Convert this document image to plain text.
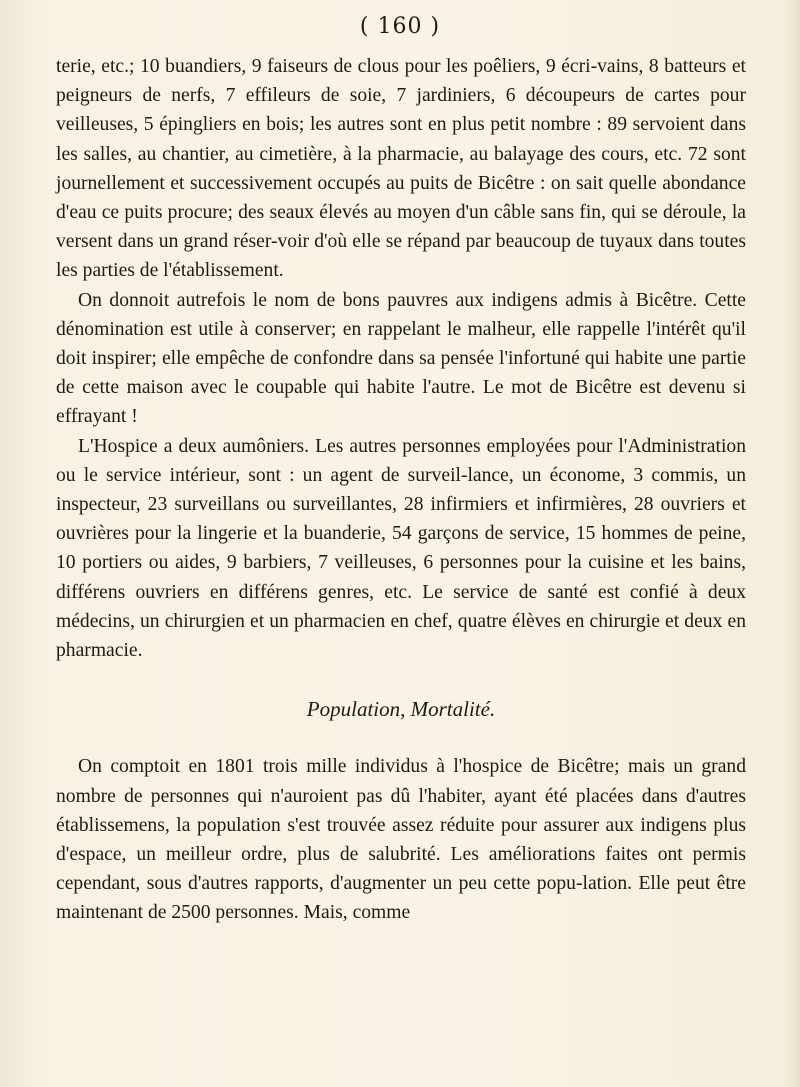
( 160 )

terie, etc.; 10 buandiers, 9 faiseurs de clous pour les poêliers, 9 écri-vains, 8 batteurs et peigneurs de nerfs, 7 effileurs de soie, 7 jardiniers, 6 découpeurs de cartes pour veilleuses, 5 épingliers en bois; les autres sont en plus petit nombre : 89 servoient dans les salles, au chantier, au cimetière, à la pharmacie, au balayage des cours, etc. 72 sont journellement et successivement occupés au puits de Bicêtre : on sait quelle abondance d'eau ce puits procure; des seaux élevés au moyen d'un câble sans fin, qui se déroule, la versent dans un grand réser-voir d'où elle se répand par beaucoup de tuyaux dans toutes les parties de l'établissement.

On donnoit autrefois le nom de bons pauvres aux indigens admis à Bicêtre. Cette dénomination est utile à conserver; en rappelant le malheur, elle rappelle l'intérêt qu'il doit inspirer; elle empêche de confondre dans sa pensée l'infortuné qui habite une partie de cette maison avec le coupable qui habite l'autre. Le mot de Bicêtre est devenu si effrayant !

L'Hospice a deux aumôniers. Les autres personnes employées pour l'Administration ou le service intérieur, sont : un agent de surveil-lance, un économe, 3 commis, un inspecteur, 23 surveillans ou surveillantes, 28 infirmiers et infirmières, 28 ouvriers et ouvrières pour la lingerie et la buanderie, 54 garçons de service, 15 hommes de peine, 10 portiers ou aides, 9 barbiers, 7 veilleuses, 6 personnes pour la cuisine et les bains, différens ouvriers en différens genres, etc. Le service de santé est confié à deux médecins, un chirurgien et un pharmacien en chef, quatre élèves en chirurgie et deux en pharmacie.

Population, Mortalité.

On comptoit en 1801 trois mille individus à l'hospice de Bicêtre; mais un grand nombre de personnes qui n'auroient pas dû l'habiter, ayant été placées dans d'autres établissemens, la population s'est trouvée assez réduite pour assurer aux indigens plus d'espace, un meilleur ordre, plus de salubrité. Les améliorations faites ont permis cependant, sous d'autres rapports, d'augmenter un peu cette popu-lation. Elle peut être maintenant de 2500 personnes. Mais, comme
